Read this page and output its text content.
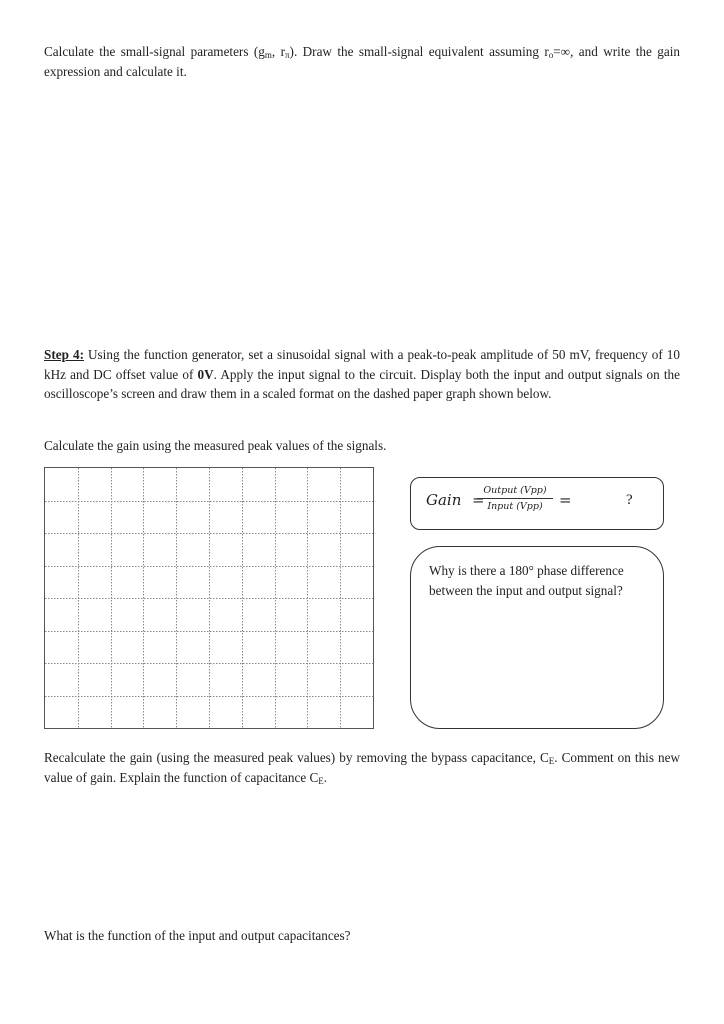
Calculate the small-signal parameters ($g_m$, $r_\pi$). Draw the small-signal equivalent assuming $r_o=\infty$, and write the gain expression and calculate it.

Step 4: Using the function generator, set a sinusoidal signal with a peak-to-peak amplitude of 50 mV, frequency of 10 kHz and DC offset value of 0V. Apply the input signal to the circuit. Display both the input and output signals on the oscilloscope’s screen and draw them in a scaled format on the dashed paper graph shown below.

Calculate the gain using the measured peak values of the signals.

Gain =
Output (Vpp)
Input (Vpp)	=	?

Why is there a 180° phase difference between the input and output signal?

Recalculate the gain (using the measured peak values) by removing the bypass capacitance, $C_E$. Comment on this new value of gain. Explain the function of capacitance $C_E$.

What is the function of the input and output capacitances?
